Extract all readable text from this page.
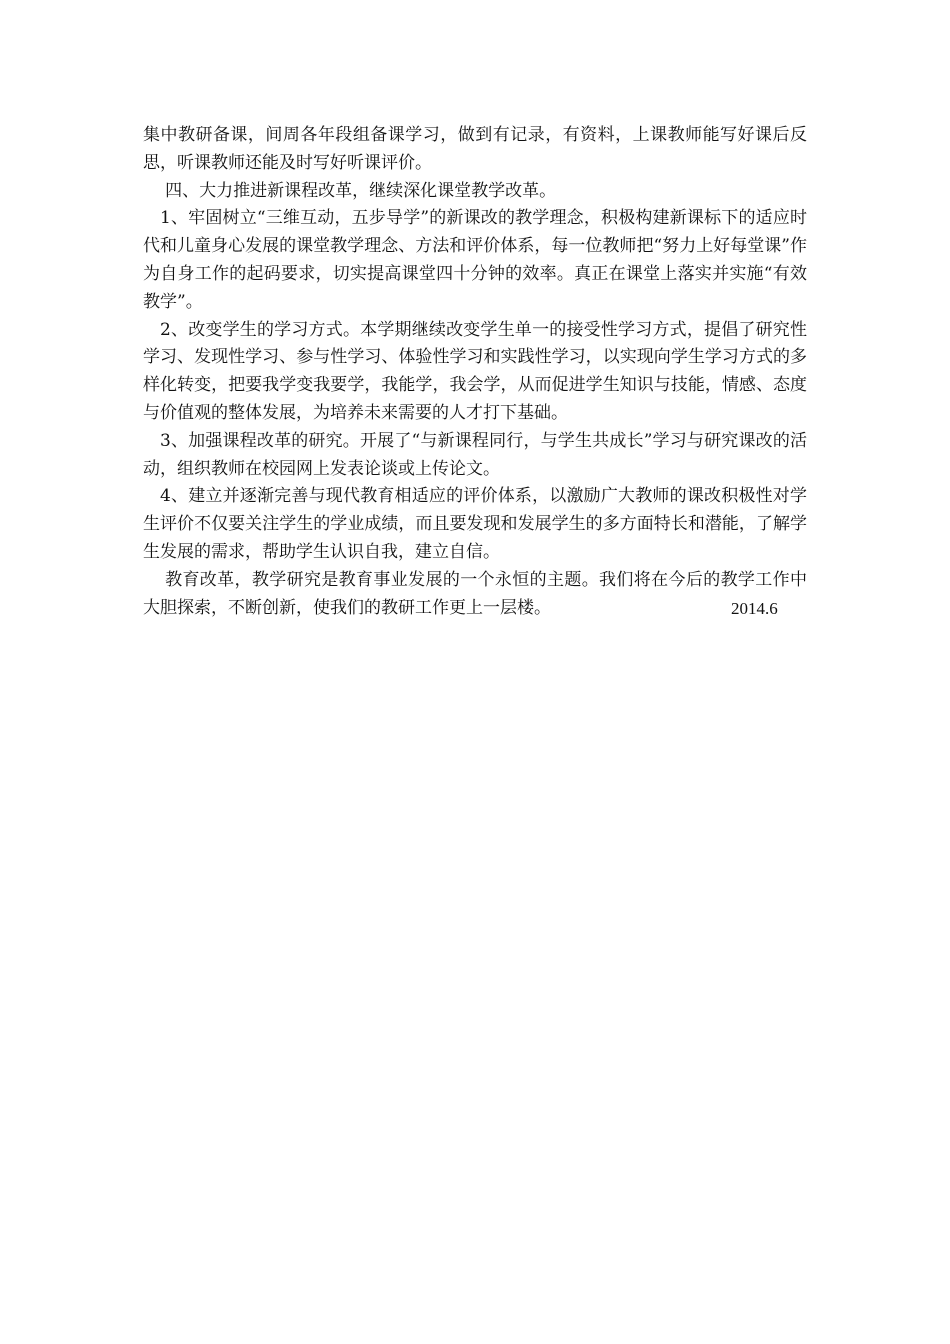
集中教研备课，间周各年段组备课学习，做到有记录，有资料，上课教师能写好课后反思，听课教师还能及时写好听课评价。

四、大力推进新课程改革，继续深化课堂教学改革。

1、牢固树立“三维互动，五步导学”的新课改的教学理念，积极构建新课标下的适应时代和儿童身心发展的课堂教学理念、方法和评价体系，每一位教师把“努力上好每堂课”作为自身工作的起码要求，切实提高课堂四十分钟的效率。真正在课堂上落实并实施“有效教学”。

2、改变学生的学习方式。本学期继续改变学生单一的接受性学习方式，提倡了研究性学习、发现性学习、参与性学习、体验性学习和实践性学习，以实现向学生学习方式的多样化转变，把要我学变我要学，我能学，我会学，从而促进学生知识与技能，情感、态度与价值观的整体发展，为培养未来需要的人才打下基础。

3、加强课程改革的研究。开展了“与新课程同行，与学生共成长”学习与研究课改的活动，组织教师在校园网上发表论谈或上传论文。

4、建立并逐渐完善与现代教育相适应的评价体系，以激励广大教师的课改积极性对学生评价不仅要关注学生的学业成绩，而且要发现和发展学生的多方面特长和潜能，了解学生发展的需求，帮助学生认识自我，建立自信。

教育改革，教学研究是教育事业发展的一个永恒的主题。我们将在今后的教学工作中大胆探索，不断创新，使我们的教研工作更上一层楼。	2014.6
